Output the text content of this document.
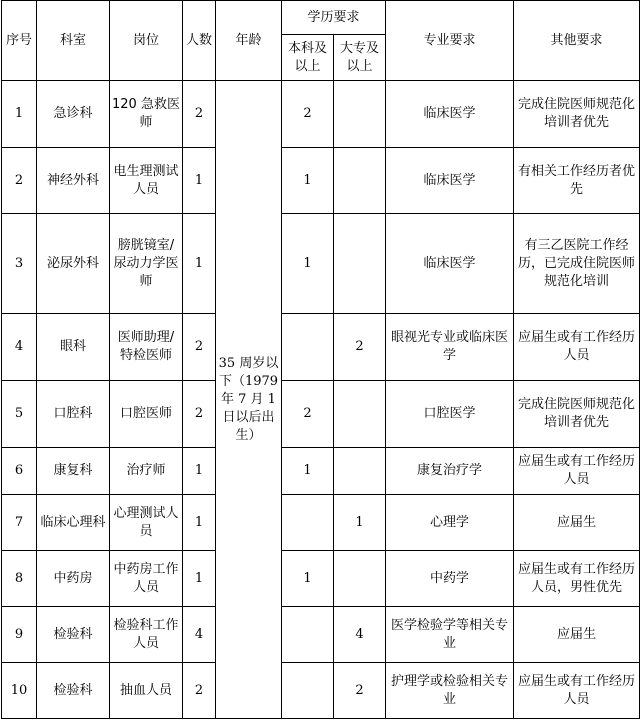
序号	科室	岗位	人数	年龄	学历要求		专业要求	其他要求
					本科及以上	大专及以上		
1	急诊科	120 急救医师	2	35 周岁以下（1979 年 7 月 1 日以后出生）	2		临床医学	完成住院医师规范化培训者优先
2	神经外科	电生理测试人员	1		1		临床医学	有相关工作经历者优先
3	泌尿外科	膀胱镜室/尿动力学医师	1		1		临床医学	有三乙医院工作经历，已完成住院医师规范化培训
4	眼科	医师助理/特检医师	2			2	眼视光专业或临床医学	应届生或有工作经历人员
5	口腔科	口腔医师	2		2		口腔医学	完成住院医师规范化培训者优先
6	康复科	治疗师	1		1		康复治疗学	应届生或有工作经历人员
7	临床心理科	心理测试人员	1			1	心理学	应届生
8	中药房	中药房工作人员	1		1		中药学	应届生或有工作经历人员，男性优先
9	检验科	检验科工作人员	4			4	医学检验学等相关专业	应届生
10	检验科	抽血人员	2			2	护理学或检验相关专业	应届生或有工作经历人员
